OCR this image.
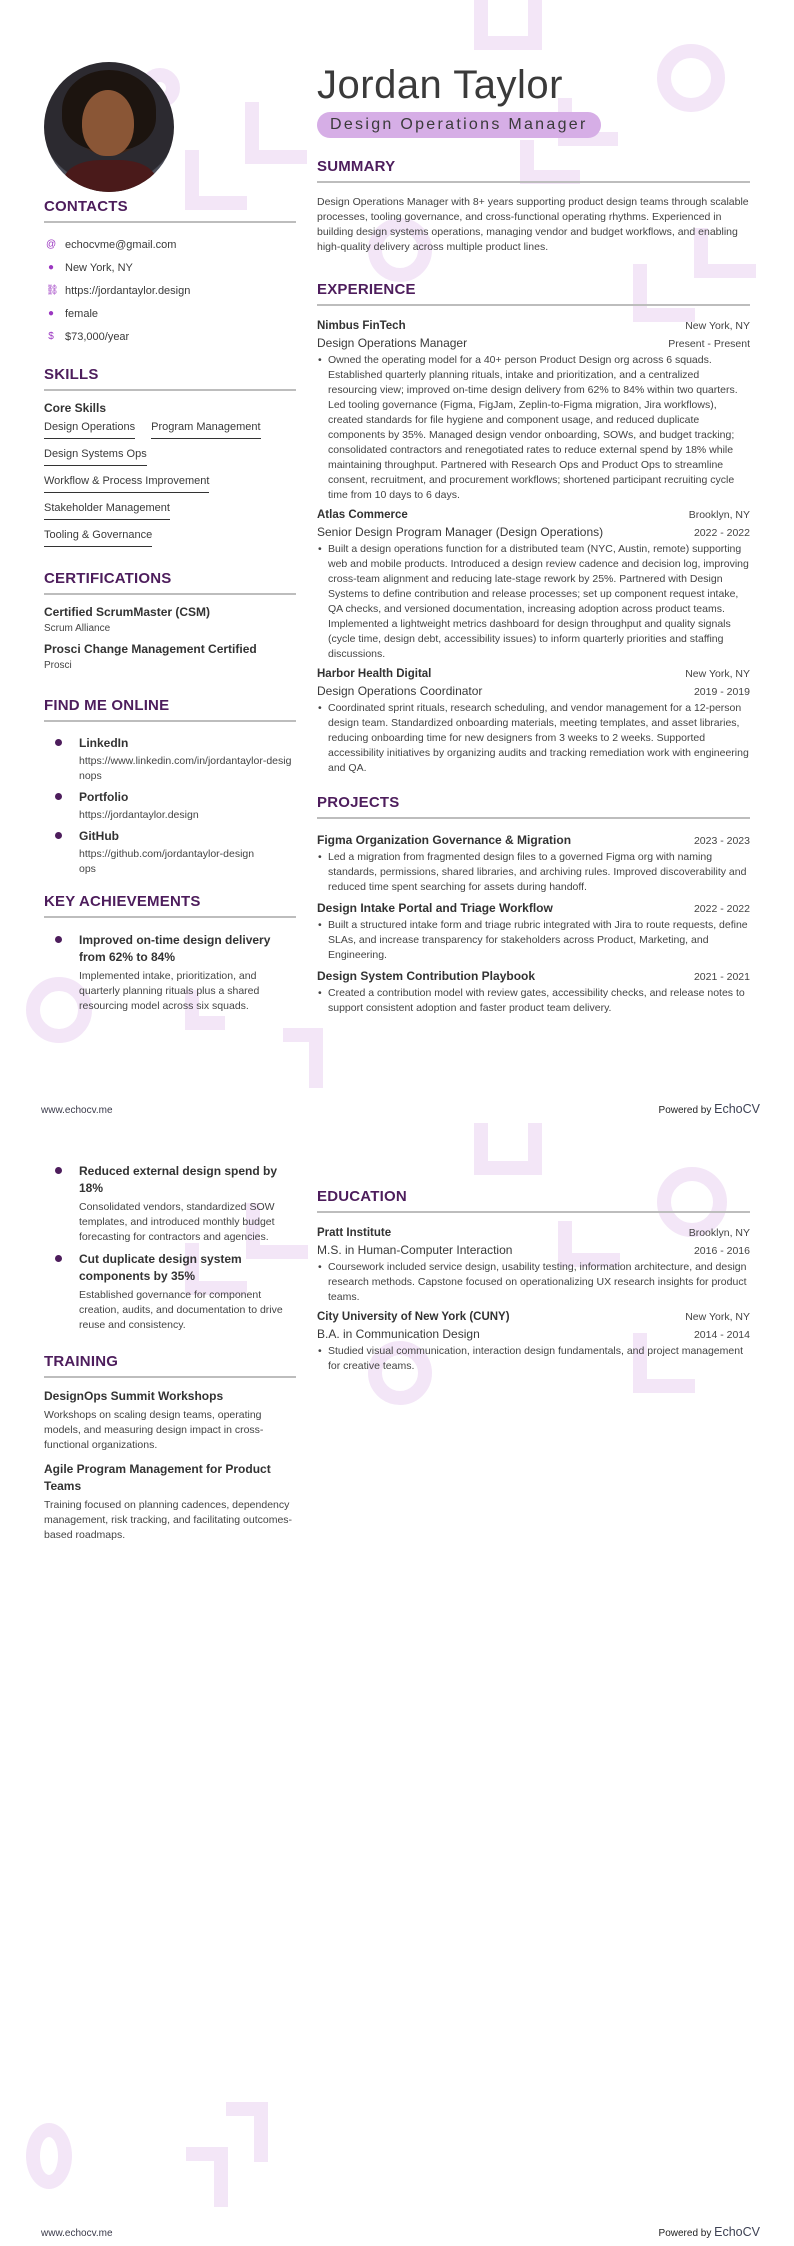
CONTACTS
@ echocvme@gmail.com
● New York, NY
⛓ https://jordantaylor.design
● female
$ $73,000/year
SKILLS
Core Skills
Design Operations Program Management
Design Systems Ops
Workflow & Process Improvement
Stakeholder Management
Tooling & Governance
CERTIFICATIONS
Certified ScrumMaster (CSM)
Scrum Alliance
Prosci Change Management Certified
Prosci
FIND ME ONLINE
LinkedIn
https://www.linkedin.com/in/jordantaylor-designops
Portfolio
https://jordantaylor.design
GitHub
https://github.com/jordantaylor-designops
KEY ACHIEVEMENTS
Improved on-time design delivery from 62% to 84%
Implemented intake, prioritization, and quarterly planning rituals plus a shared resourcing model across six squads.
Jordan Taylor
Design Operations Manager
SUMMARY
Design Operations Manager with 8+ years supporting product design teams through scalable processes, tooling governance, and cross-functional operating rhythms. Experienced in building design systems operations, managing vendor and budget workflows, and enabling high-quality delivery across multiple product lines.
EXPERIENCE
Nimbus FinTech	New York, NY
Design Operations Manager	Present - Present
• Owned the operating model for a 40+ person Product Design org across 6 squads. Established quarterly planning rituals, intake and prioritization, and a centralized resourcing view; improved on-time design delivery from 62% to 84% within two quarters. Led tooling governance (Figma, FigJam, Zeplin-to-Figma migration, Jira workflows), created standards for file hygiene and component usage, and reduced duplicate components by 35%. Managed design vendor onboarding, SOWs, and budget tracking; consolidated contractors and renegotiated rates to reduce external spend by 18% while maintaining throughput. Partnered with Research Ops and Product Ops to streamline consent, recruitment, and procurement workflows; shortened participant recruiting cycle time from 10 days to 6 days.
Atlas Commerce	Brooklyn, NY
Senior Design Program Manager (Design Operations)	2022 - 2022
• Built a design operations function for a distributed team (NYC, Austin, remote) supporting web and mobile products. Introduced a design review cadence and decision log, improving cross-team alignment and reducing late-stage rework by 25%. Partnered with Design Systems to define contribution and release processes; set up component request intake, QA checks, and versioned documentation, increasing adoption across product teams. Implemented a lightweight metrics dashboard for design throughput and quality signals (cycle time, design debt, accessibility issues) to inform quarterly priorities and staffing discussions.
Harbor Health Digital	New York, NY
Design Operations Coordinator	2019 - 2019
• Coordinated sprint rituals, research scheduling, and vendor management for a 12-person design team. Standardized onboarding materials, meeting templates, and asset libraries, reducing onboarding time for new designers from 3 weeks to 2 weeks. Supported accessibility initiatives by organizing audits and tracking remediation work with engineering and QA.
PROJECTS
Figma Organization Governance & Migration	2023 - 2023
• Led a migration from fragmented design files to a governed Figma org with naming standards, permissions, shared libraries, and archiving rules. Improved discoverability and reduced time spent searching for assets during handoff.
Design Intake Portal and Triage Workflow	2022 - 2022
• Built a structured intake form and triage rubric integrated with Jira to route requests, define SLAs, and increase transparency for stakeholders across Product, Marketing, and Engineering.
Design System Contribution Playbook	2021 - 2021
• Created a contribution model with review gates, accessibility checks, and release notes to support consistent adoption and faster product team delivery.
www.echocv.me	Powered by EchoCV
Reduced external design spend by 18%
Consolidated vendors, standardized SOW templates, and introduced monthly budget forecasting for contractors and agencies.
Cut duplicate design system components by 35%
Established governance for component creation, audits, and documentation to drive reuse and consistency.
TRAINING
DesignOps Summit Workshops
Workshops on scaling design teams, operating models, and measuring design impact in cross-functional organizations.
Agile Program Management for Product Teams
Training focused on planning cadences, dependency management, risk tracking, and facilitating outcomes-based roadmaps.
EDUCATION
Pratt Institute	Brooklyn, NY
M.S. in Human-Computer Interaction	2016 - 2016
• Coursework included service design, usability testing, information architecture, and design research methods. Capstone focused on operationalizing UX research insights for product teams.
City University of New York (CUNY)	New York, NY
B.A. in Communication Design	2014 - 2014
• Studied visual communication, interaction design fundamentals, and project management for creative teams.
www.echocv.me	Powered by EchoCV
